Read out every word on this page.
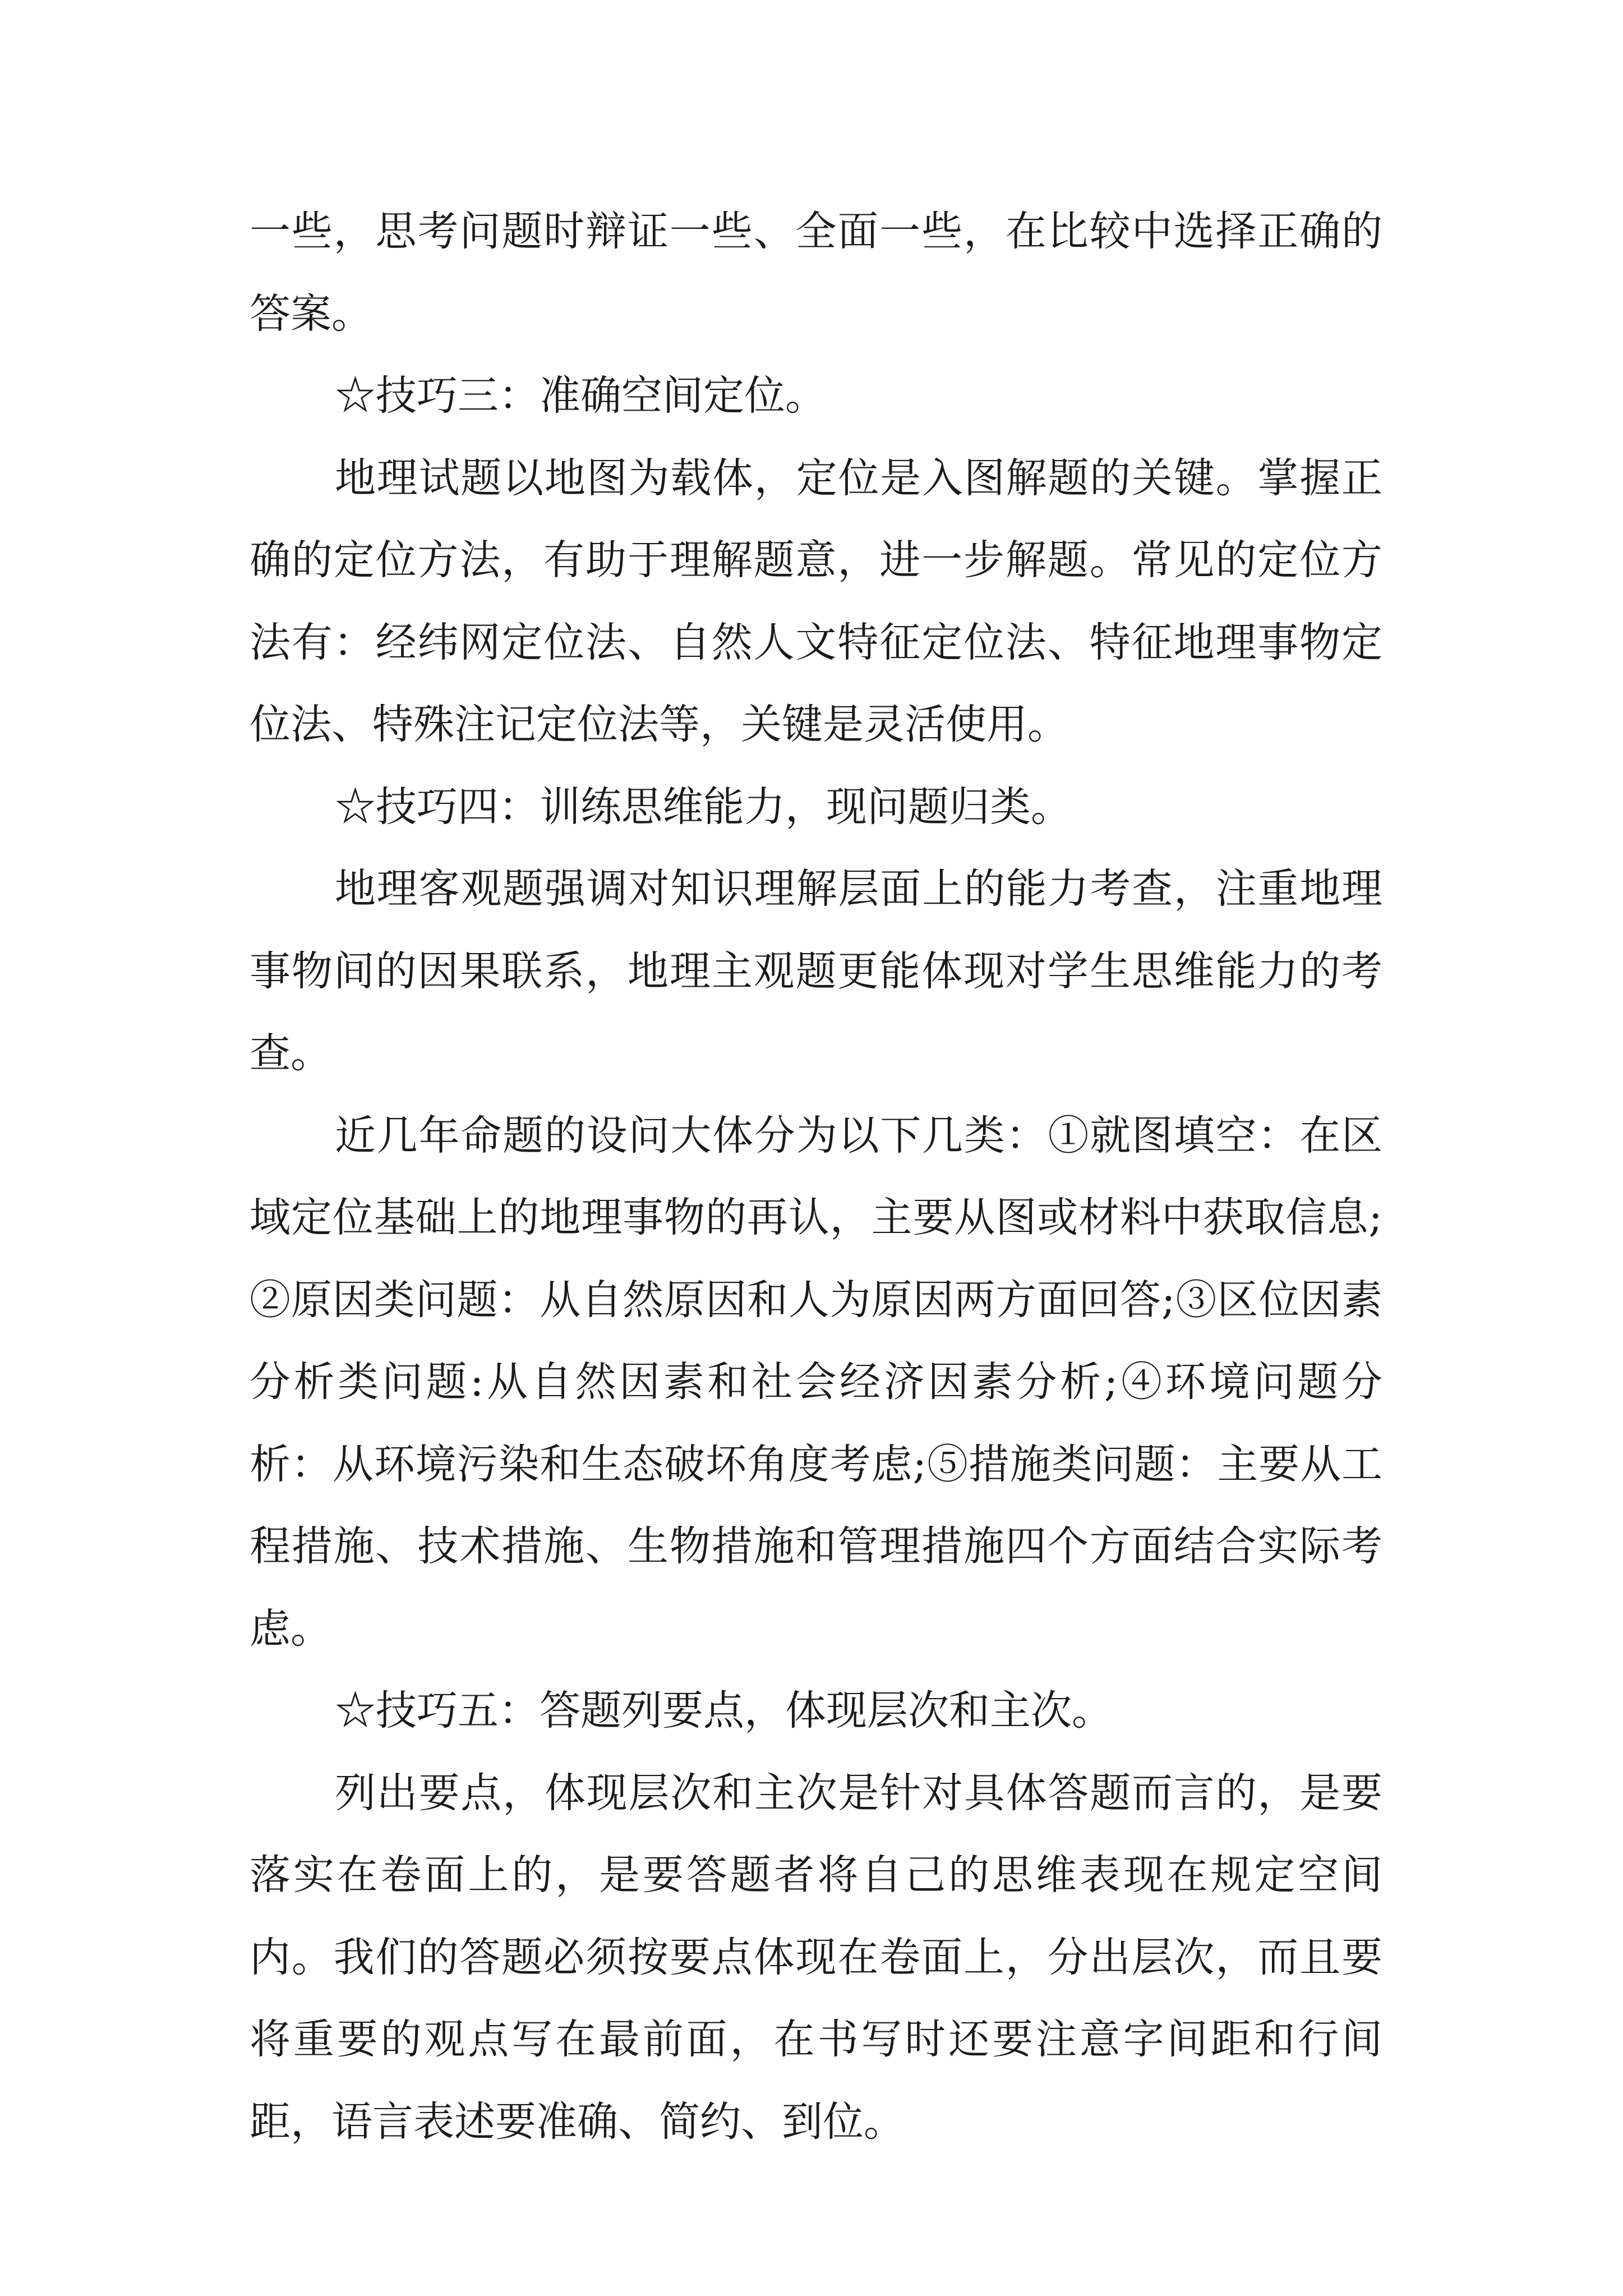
一些，思考问题时辩证一些、全面一些，在比较中选择正确的答案。

☆技巧三：准确空间定位。

地理试题以地图为载体，定位是入图解题的关键。掌握正确的定位方法，有助于理解题意，进一步解题。常见的定位方法有：经纬网定位法、自然人文特征定位法、特征地理事物定位法、特殊注记定位法等，关键是灵活使用。

☆技巧四：训练思维能力，现问题归类。

地理客观题强调对知识理解层面上的能力考查，注重地理事物间的因果联系，地理主观题更能体现对学生思维能力的考查。

近几年命题的设问大体分为以下几类：①就图填空：在区域定位基础上的地理事物的再认，主要从图或材料中获取信息;②原因类问题：从自然原因和人为原因两方面回答;③区位因素分析类问题:从自然因素和社会经济因素分析;④环境问题分析：从环境污染和生态破坏角度考虑;⑤措施类问题：主要从工程措施、技术措施、生物措施和管理措施四个方面结合实际考虑。

☆技巧五：答题列要点，体现层次和主次。

列出要点，体现层次和主次是针对具体答题而言的，是要落实在卷面上的，是要答题者将自己的思维表现在规定空间内。我们的答题必须按要点体现在卷面上，分出层次，而且要将重要的观点写在最前面，在书写时还要注意字间距和行间距，语言表述要准确、简约、到位。
